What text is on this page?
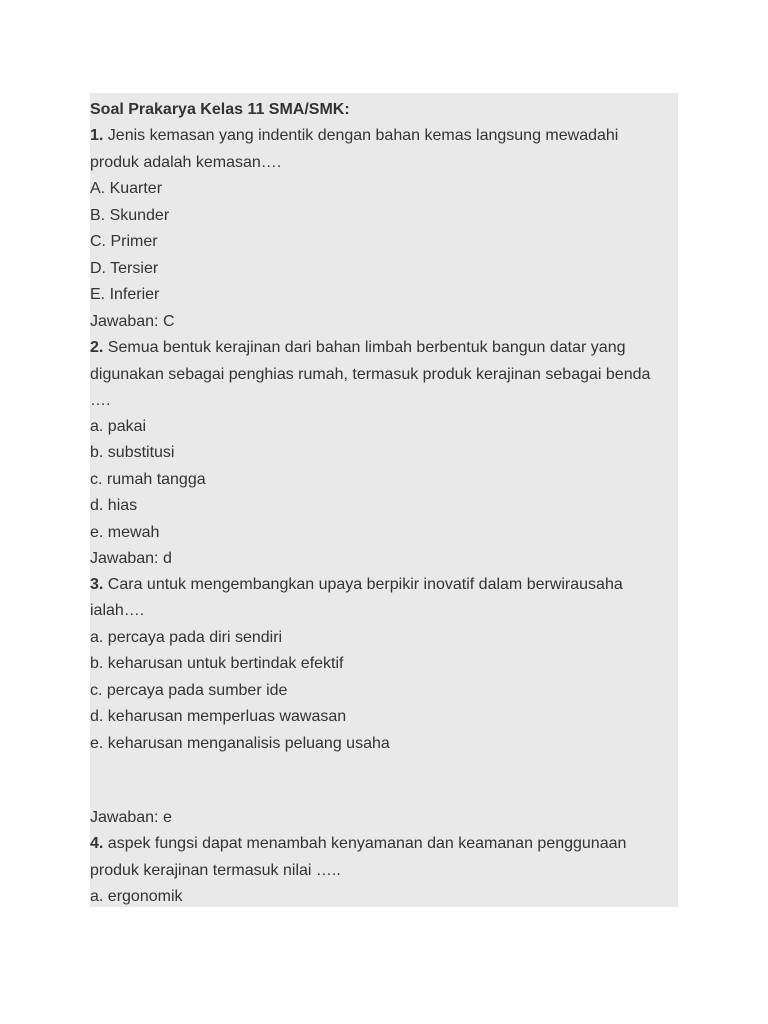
Soal Prakarya Kelas 11 SMA/SMK:
1. Jenis kemasan yang indentik dengan bahan kemas langsung mewadahi
produk adalah kemasan….
A. Kuarter
B. Skunder
C. Primer
D. Tersier
E. Inferier
Jawaban: C
2. Semua bentuk kerajinan dari bahan limbah berbentuk bangun datar yang
digunakan sebagai penghias rumah, termasuk produk kerajinan sebagai benda
….
a. pakai
b. substitusi
c. rumah tangga
d. hias
e. mewah
Jawaban: d
3. Cara untuk mengembangkan upaya berpikir inovatif dalam berwirausaha
ialah….
a. percaya pada diri sendiri
b. keharusan untuk bertindak efektif
c. percaya pada sumber ide
d. keharusan memperluas wawasan
e. keharusan menganalisis peluang usaha
Jawaban: e
4. aspek fungsi dapat menambah kenyamanan dan keamanan penggunaan
produk kerajinan termasuk nilai …..
a. ergonomik
